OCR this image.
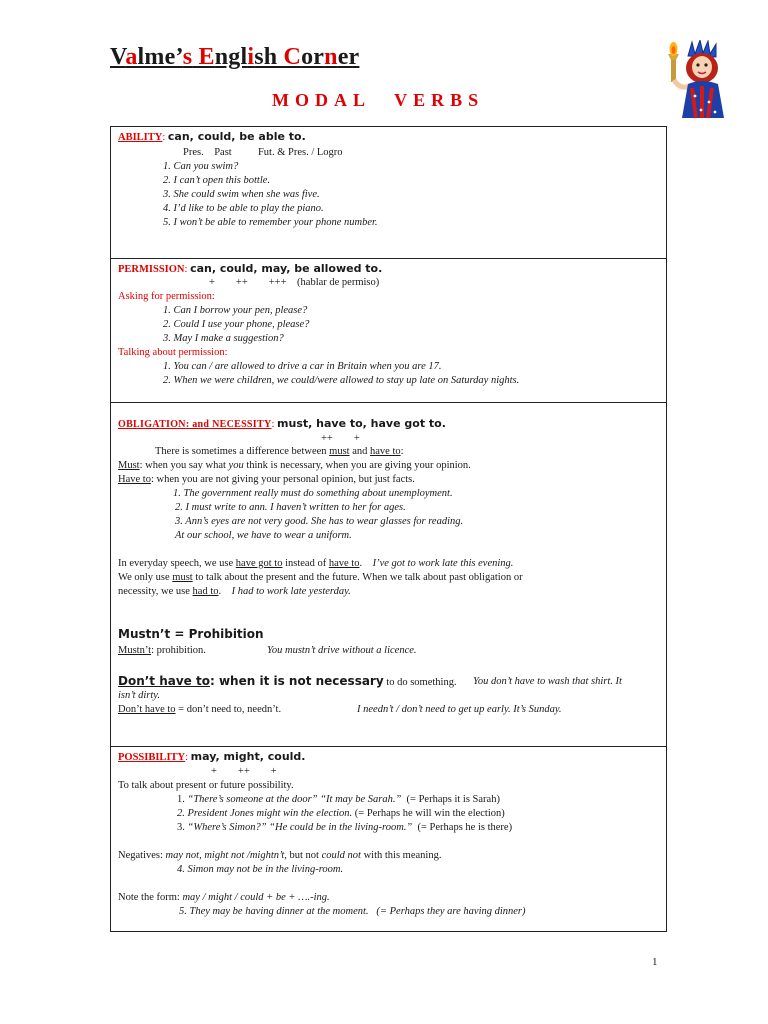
Valme’s English Corner
MODAL VERBS
ABILITY: can, could, be able to.
Pres.    Past          Fut. & Pres. / Logro
1. Can you swim?
2. I can’t open this bottle.
3. She could swim when she was five.
4. I’d like to be able to play the piano.
5. I won’t be able to remember your phone number.
PERMISSION: can, could, may, be allowed to.
+        ++        +++ (hablar de permiso)
Asking for permission:
1. Can I borrow your pen, please?
2. Could I use your phone, please?
3. May I make a suggestion?
Talking about permission:
1. You can / are allowed to drive a car in Britain when you are 17.
2. When we were children, we could/were allowed to stay up late on Saturday nights.
OBLIGATION: and NECESSITY: must, have to, have got to.
++        +
There is sometimes a difference between must and have to:
Must: when you say what you think is necessary, when you are giving your opinion.
Have to: when you are not giving your personal opinion, but just facts.
1. The government really must do something about unemployment.
2. I must write to ann. I haven’t written to her for ages.
3. Ann’s eyes are not very good. She has to wear glasses for reading.
At our school, we have to wear a uniform.
In everyday speech, we use have got to instead of have to. I’ve got to work late this evening.
We only use must to talk about the present and the future. When we talk about past obligation or
necessity, we use had to. I had to work late yesterday.
Mustn’t = Prohibition
Mustn’t: prohibition.	You mustn’t drive without a licence.
Don’t have to: when it is not necessary to do something. You don’t have to wash that shirt. It
isn’t dirty.
Don’t have to = don’t need to, needn’t.	I needn’t / don’t need to get up early. It’s Sunday.
POSSIBILITY: may, might, could.
+        ++        +
To talk about present or future possibility.
1. “There’s someone at the door” “It may be Sarah.” (= Perhaps it is Sarah)
2. President Jones might win the election. (= Perhaps he will win the election)
3. “Where’s Simon?” “He could be in the living-room.” (= Perhaps he is there)
Negatives: may not, might not /mightn’t, but not could not with this meaning.
4. Simon may not be in the living-room.
Note the form: may / might / could + be + ….-ing.
5. They may be having dinner at the moment. (= Perhaps they are having dinner)
1
